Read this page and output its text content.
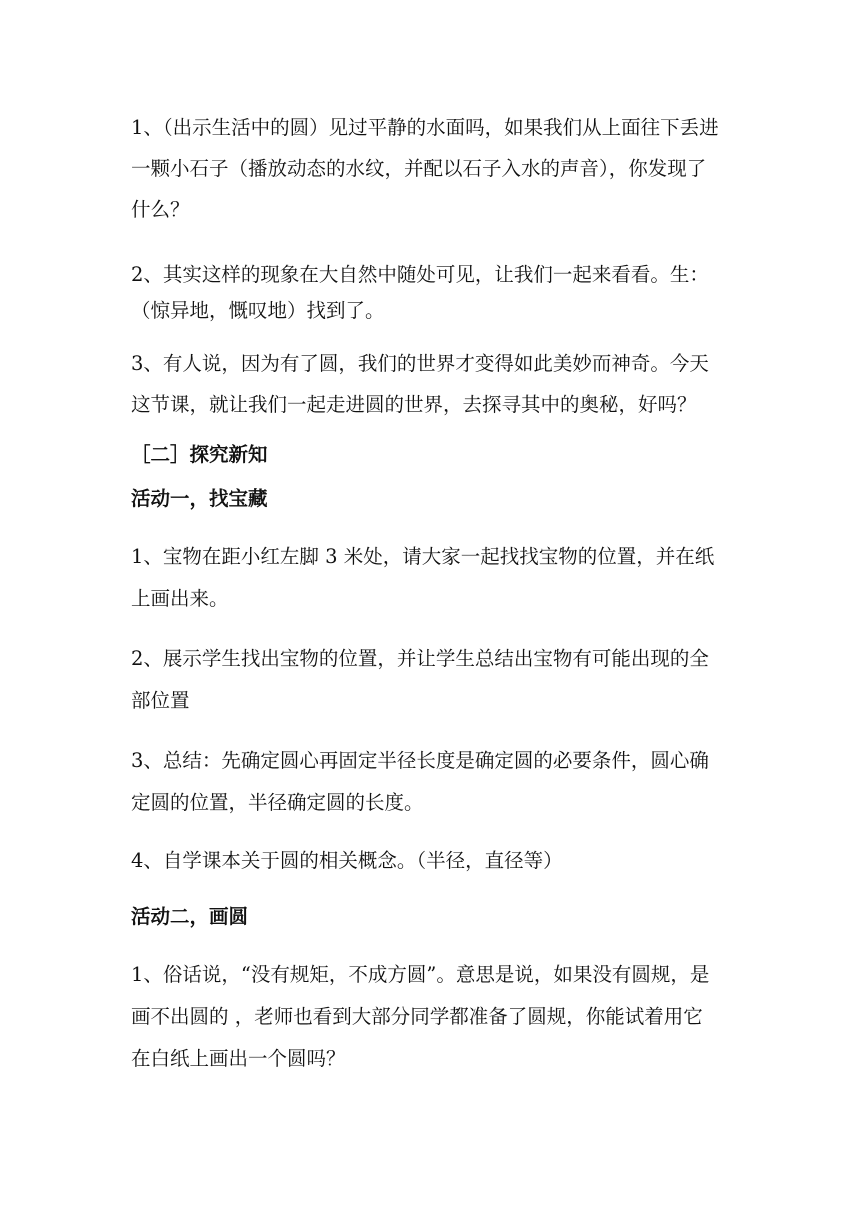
1、（出示生活中的圆）见过平静的水面吗，如果我们从上面往下丢进
一颗小石子（播放动态的水纹，并配以石子入水的声音），你发现了
什么？

2、其实这样的现象在大自然中随处可见，让我们一起来看看。生：
（惊异地，慨叹地）找到了。

3、有人说，因为有了圆，我们的世界才变得如此美妙而神奇。今天
这节课，就让我们一起走进圆的世界，去探寻其中的奥秘，好吗？

［二］探究新知

活动一，找宝藏

1、宝物在距小红左脚 3 米处，请大家一起找找宝物的位置，并在纸
上画出来。

2、展示学生找出宝物的位置，并让学生总结出宝物有可能出现的全
部位置

3、总结：先确定圆心再固定半径长度是确定圆的必要条件，圆心确
定圆的位置，半径确定圆的长度。

4、自学课本关于圆的相关概念。（半径，直径等）

活动二，画圆

1、俗话说，“没有规矩，不成方圆”。意思是说，如果没有圆规，是
画不出圆的 ，老师也看到大部分同学都准备了圆规，你能试着用它
在白纸上画出一个圆吗？
